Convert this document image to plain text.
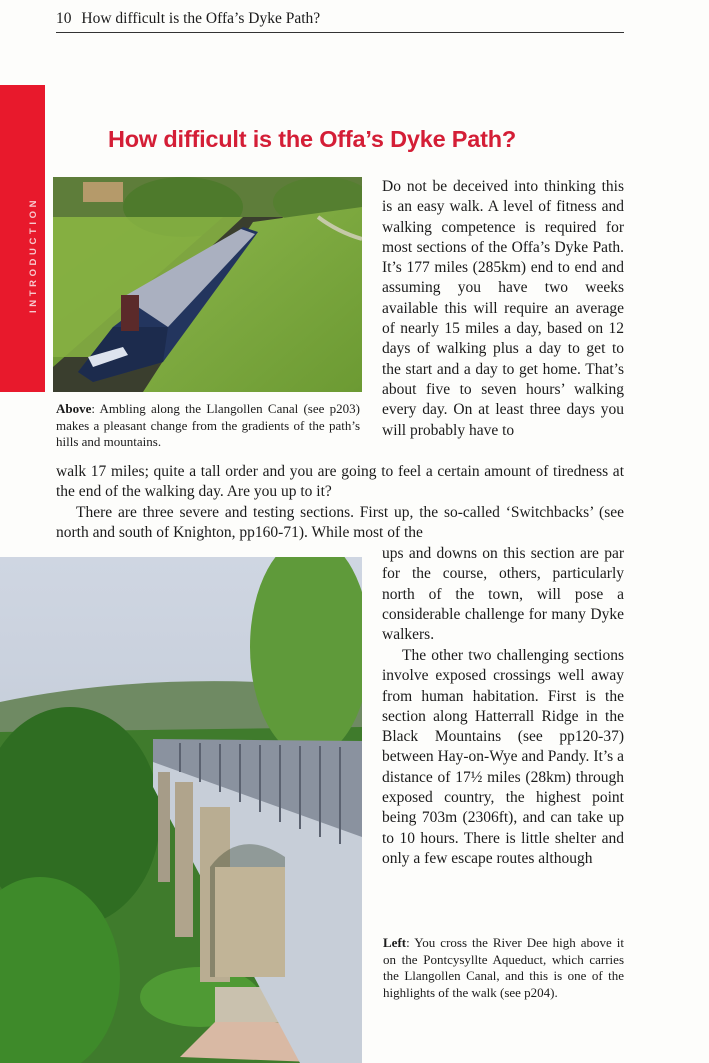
10 How difficult is the Offa’s Dyke Path?
INTRODUCTION
How difficult is the Offa’s Dyke Path?
Above: Ambling along the Llangollen Canal (see p203) makes a pleasant change from the gradients of the path’s hills and mountains.
Do not be deceived into thinking this is an easy walk. A level of fitness and walking competence is required for most sections of the Offa’s Dyke Path. It’s 177 miles (285km) end to end and assuming you have two weeks available this will require an average of nearly 15 miles a day, based on 12 days of walking plus a day to get to the start and a day to get home. That’s about five to seven hours’ walking every day. On at least three days you will probably have to
walk 17 miles; quite a tall order and you are going to feel a certain amount of tiredness at the end of the walking day. Are you up to it?
There are three severe and testing sections. First up, the so-called ‘Switchbacks’ (see north and south of Knighton, pp160-71). While most of the
ups and downs on this section are par for the course, others, particularly north of the town, will pose a considerable challenge for many Dyke walkers.
The other two challenging sections involve exposed crossings well away from human habitation. First is the section along Hatterrall Ridge in the Black Mountains (see pp120-37) between Hay-on-Wye and Pandy. It’s a distance of 17½ miles (28km) through exposed country, the highest point being 703m (2306ft), and can take up to 10 hours. There is little shelter and only a few escape routes although
Left: You cross the River Dee high above it on the Pontcysyllte Aqueduct, which carries the Llangollen Canal, and this is one of the highlights of the walk (see p204).
